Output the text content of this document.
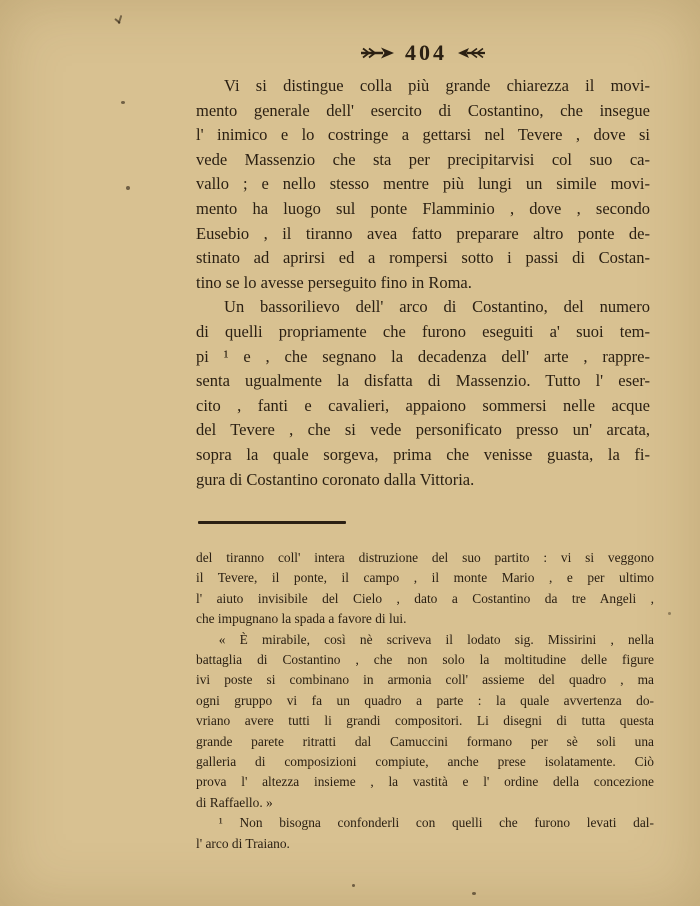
404
Vi si distingue colla più grande chiarezza il movi-
mento generale dell' esercito di Costantino, che insegue
l' inimico e lo costringe a gettarsi nel Tevere , dove si
vede Massenzio che sta per precipitarvisi col suo ca-
vallo ; e nello stesso mentre più lungi un simile movi-
mento ha luogo sul ponte Flamminio , dove , secondo
Eusebio , il tiranno avea fatto preparare altro ponte de-
stinato ad aprirsi ed a rompersi sotto i passi di Costan-
tino se lo avesse perseguito fino in Roma.
Un bassorilievo dell' arco di Costantino, del numero
di quelli propriamente che furono eseguiti a' suoi tem-
pi ¹ e , che segnano la decadenza dell' arte , rappre-
senta ugualmente la disfatta di Massenzio. Tutto l' eser-
cito , fanti e cavalieri, appaiono sommersi nelle acque
del Tevere , che si vede personificato presso un' arcata,
sopra la quale sorgeva, prima che venisse guasta, la fi-
gura di Costantino coronato dalla Vittoria.
del tiranno coll' intera distruzione del suo partito : vi si veggono
il Tevere, il ponte, il campo , il monte Mario , e per ultimo
l' aiuto invisibile del Cielo , dato a Costantino da tre Angeli ,
che impugnano la spada a favore di lui.
« È mirabile, così nè scriveva il lodato sig. Missirini , nella
battaglia di Costantino , che non solo la moltitudine delle figure
ivi poste si combinano in armonia coll' assieme del quadro , ma
ogni gruppo vi fa un quadro a parte : la quale avvertenza do-
vriano avere tutti li grandi compositori. Li disegni di tutta questa
grande parete ritratti dal Camuccini formano per sè soli una
galleria di composizioni compiute, anche prese isolatamente. Ciò
prova l' altezza insieme , la vastità e l' ordine della concezione
di Raffaello. »
¹ Non bisogna confonderli con quelli che furono levati dal-
l' arco di Traiano.
